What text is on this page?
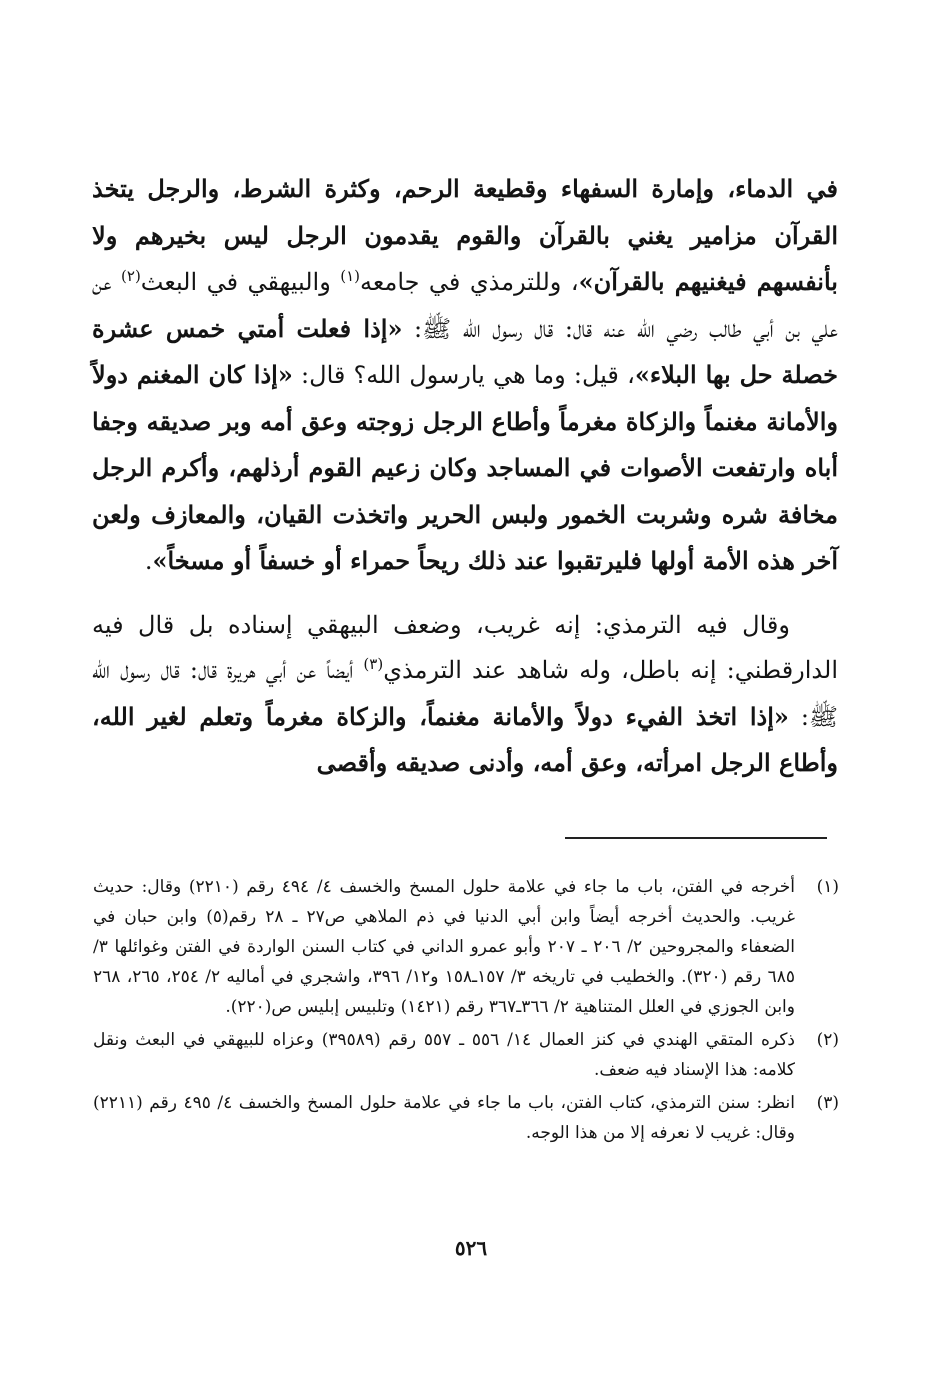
في الدماء، وإمارة السفهاء وقطيعة الرحم، وكثرة الشرط، والرجل يتخذ القرآن مزامير يغني بالقرآن والقوم يقدمون الرجل ليس بخيرهم ولا بأنفسهم فيغنيهم بالقرآن»، وللترمذي في جامعه$^{(١)}$ والبيهقي في البعث$^{(٢)}$ عن علي بن أبي طالب رضي الله عنه قال: قال رسول الله ﷺ: «إذا فعلت أمتي خمس عشرة خصلة حل بها البلاء»، قيل: وما هي يارسول الله؟ قال: «إذا كان المغنم دولاً والأمانة مغنماً والزكاة مغرماً وأطاع الرجل زوجته وعق أمه وبر صديقه وجفا أباه وارتفعت الأصوات في المساجد وكان زعيم القوم أرذلهم، وأكرم الرجل مخافة شره وشربت الخمور ولبس الحرير واتخذت القيان، والمعازف ولعن آخر هذه الأمة أولها فليرتقبوا عند ذلك ريحاً حمراء أو خسفاً أو مسخاً».

وقال فيه الترمذي: إنه غريب، وضعف البيهقي إسناده بل قال فيه الدارقطني: إنه باطل، وله شاهد عند الترمذي$^{(٣)}$ أيضاً عن أبي هريرة قال: قال رسول الله ﷺ: «إذا اتخذ الفيء دولاً والأمانة مغنماً، والزكاة مغرماً وتعلم لغير الله، وأطاع الرجل امرأته، وعق أمه، وأدنى صديقه وأقصى

(١)
أخرجه في الفتن، باب ما جاء في علامة حلول المسخ والخسف ٤/ ٤٩٤ رقم (٢٢١٠) وقال: حديث غريب. والحديث أخرجه أيضاً وابن أبي الدنيا في ذم الملاهي ص٢٧ ـ ٢٨ رقم(٥) وابن حبان في الضعفاء والمجروحين ٢/ ٢٠٦ ـ ٢٠٧ وأبو عمرو الداني في كتاب السنن الواردة في الفتن وغوائلها ٣/ ٦٨٥ رقم (٣٢٠). والخطيب في تاريخه ٣/ ١٥٧ـ١٥٨ و١٢/ ٣٩٦، واشجري في أماليه ٢/ ٢٥٤، ٢٦٥، ٢٦٨ وابن الجوزي في العلل المتناهية ٢/ ٣٦٦ـ٣٦٧ رقم (١٤٢١) وتلبيس إبليس ص(٢٢٠).
(٢)
ذكره المتقي الهندي في كنز العمال ١٤/ ٥٥٦ ـ ٥٥٧ رقم (٣٩٥٨٩) وعزاه للبيهقي في البعث ونقل كلامه: هذا الإسناد فيه ضعف.
(٣)
انظر: سنن الترمذي، كتاب الفتن، باب ما جاء في علامة حلول المسخ والخسف ٤/ ٤٩٥ رقم (٢٢١١) وقال: غريب لا نعرفه إلا من هذا الوجه.
٥٢٦
